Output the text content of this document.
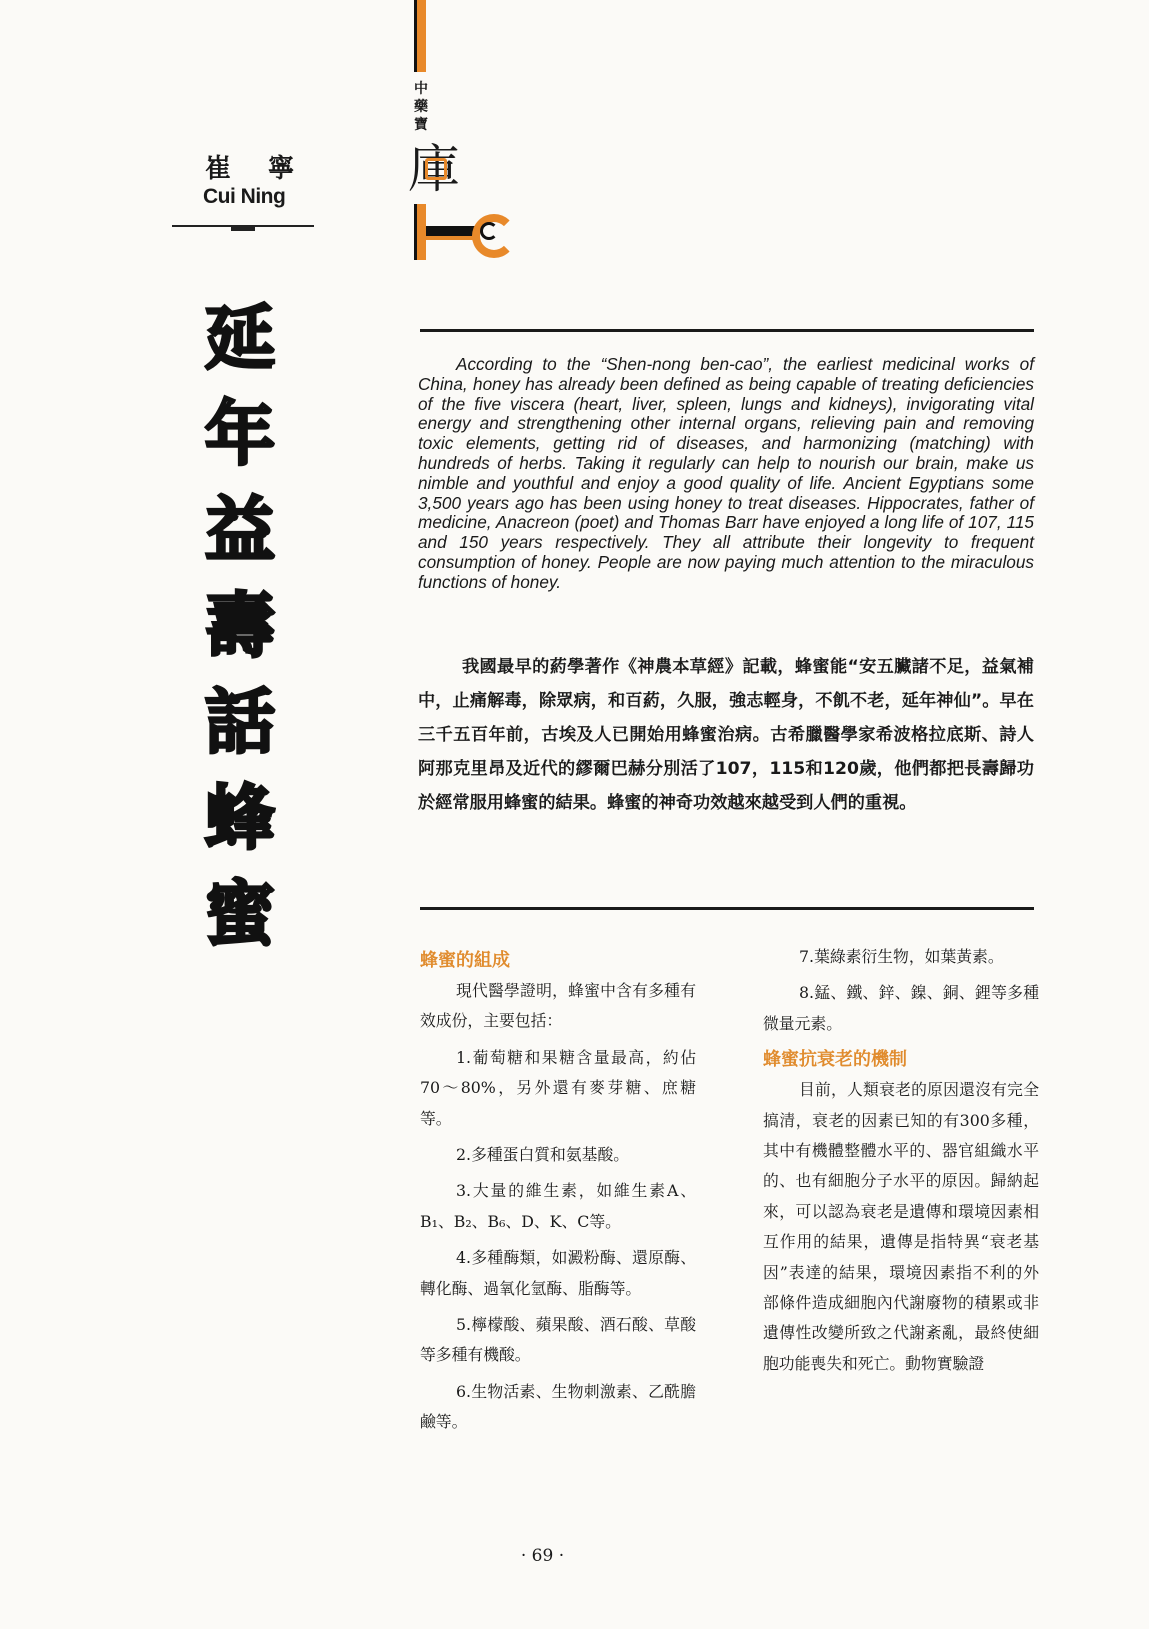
崔 寧
Cui Ning
延年益壽話蜂蜜
中藥寶
庫
According to the “Shen-nong ben-cao”, the earliest medicinal works of China, honey has already been defined as being capable of treating deficiencies of the five viscera (heart, liver, spleen, lungs and kidneys), invigorating vital energy and strengthening other internal organs, relieving pain and removing toxic elements, getting rid of diseases, and harmonizing (matching) with hundreds of herbs. Taking it regularly can help to nourish our brain, make us nimble and youthful and enjoy a good quality of life. Ancient Egyptians some 3,500 years ago has been using honey to treat diseases. Hippocrates, father of medicine, Anacreon (poet) and Thomas Barr have enjoyed a long life of 107, 115 and 150 years respectively. They all attribute their longevity to frequent consumption of honey. People are now paying much attention to the miraculous functions of honey.
我國最早的葯學著作《神農本草經》記載，蜂蜜能“安五臟諸不足，益氣補中，止痛解毒，除眾病，和百葯，久服，強志輕身，不飢不老，延年神仙”。早在三千五百年前，古埃及人已開始用蜂蜜治病。古希臘醫學家希波格拉底斯、詩人阿那克里昂及近代的繆爾巴赫分別活了107，115和120歲，他們都把長壽歸功於經常服用蜂蜜的結果。蜂蜜的神奇功效越來越受到人們的重視。

蜂蜜的組成

現代醫學證明，蜂蜜中含有多種有效成份，主要包括：

1.葡萄糖和果糖含量最高，約佔70〜80%，另外還有麥芽糖、庶糖等。

2.多種蛋白質和氨基酸。

3.大量的維生素，如維生素A、B₁、B₂、B₆、D、K、C等。

4.多種酶類，如澱粉酶、還原酶、轉化酶、過氧化氫酶、脂酶等。

5.檸檬酸、蘋果酸、酒石酸、草酸等多種有機酸。

6.生物活素、生物刺激素、乙酰膽鹼等。

7.葉綠素衍生物，如葉黃素。

8.錳、鐵、鋅、鎳、銅、鋰等多種微量元素。

蜂蜜抗衰老的機制

目前，人類衰老的原因還沒有完全搞清，衰老的因素已知的有300多種，其中有機體整體水平的、器官組織水平的、也有細胞分子水平的原因。歸納起來，可以認為衰老是遺傳和環境因素相互作用的結果，遺傳是指特異“衰老基因”表達的結果，環境因素指不利的外部條件造成細胞內代謝廢物的積累或非遺傳性改變所致之代謝紊亂，最終使細胞功能喪失和死亡。動物實驗證

· 69 ·
